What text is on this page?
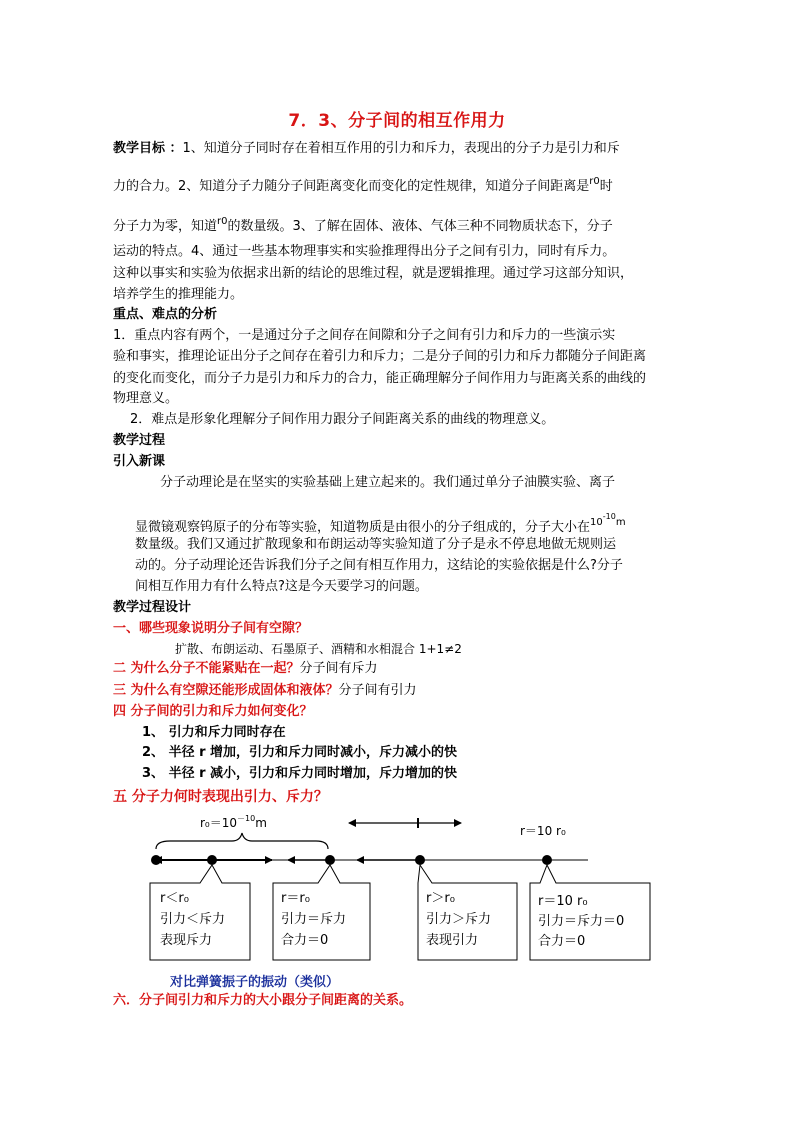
7．3、分子间的相互作用力
教学目标 ：1、知道分子同时存在着相互作用的引力和斥力，表现出的分子力是引力和斥
力的合力。2、知道分子力随分子间距离变化而变化的定性规律，知道分子间距离是$^{r0}$时
分子力为零，知道$^{r0}$的数量级。3、了解在固体、液体、气体三种不同物质状态下，分子
运动的特点。4、通过一些基本物理事实和实验推理得出分子之间有引力，同时有斥力。
这种以事实和实验为依据求出新的结论的思维过程，就是逻辑推理。通过学习这部分知识，
培养学生的推理能力。
重点、难点的分析
1．重点内容有两个，一是通过分子之间存在间隙和分子之间有引力和斥力的一些演示实
验和事实，推理论证出分子之间存在着引力和斥力；二是分子间的引力和斥力都随分子间距离
的变化而变化，而分子力是引力和斥力的合力，能正确理解分子间作用力与距离关系的曲线的
物理意义。
2．难点是形象化理解分子间作用力跟分子间距离关系的曲线的物理意义。
教学过程
引入新课
分子动理论是在坚实的实验基础上建立起来的。我们通过单分子油膜实验、离子
显微镜观察钨原子的分布等实验，知道物质是由很小的分子组成的，分子大小在$^{10^{-10}m}$
数量级。我们又通过扩散现象和布朗运动等实验知道了分子是永不停息地做无规则运
动的。分子动理论还告诉我们分子之间有相互作用力，这结论的实验依据是什么?分子
间相互作用力有什么特点?这是今天要学习的问题。
教学过程设计
一、哪些现象说明分子间有空隙？
扩散、布朗运动、石墨原子、酒精和水相混合 1+1≠2
二 为什么分子不能紧贴在一起？分子间有斥力
三 为什么有空隙还能形成固体和液体？分子间有引力
四 分子间的引力和斥力如何变化？
1、 引力和斥力同时存在
2、 半径 r 增加，引力和斥力同时减小，斥力减小的快
3、 半径 r 减小，引力和斥力同时增加，斥力增加的快
五 分子力何时表现出引力、斥力？
$r_0=10^{-10}m$
r＝10 r₀
r＜r₀
引力＜斥力
表现斥力
r＝r₀
引力＝斥力
合力＝0
r＞r₀
引力＞斥力
表现引力
r＝10 r₀
引力＝斥力＝0
合力＝0
对比弹簧振子的振动（类似）
六．分子间引力和斥力的大小跟分子间距离的关系。
